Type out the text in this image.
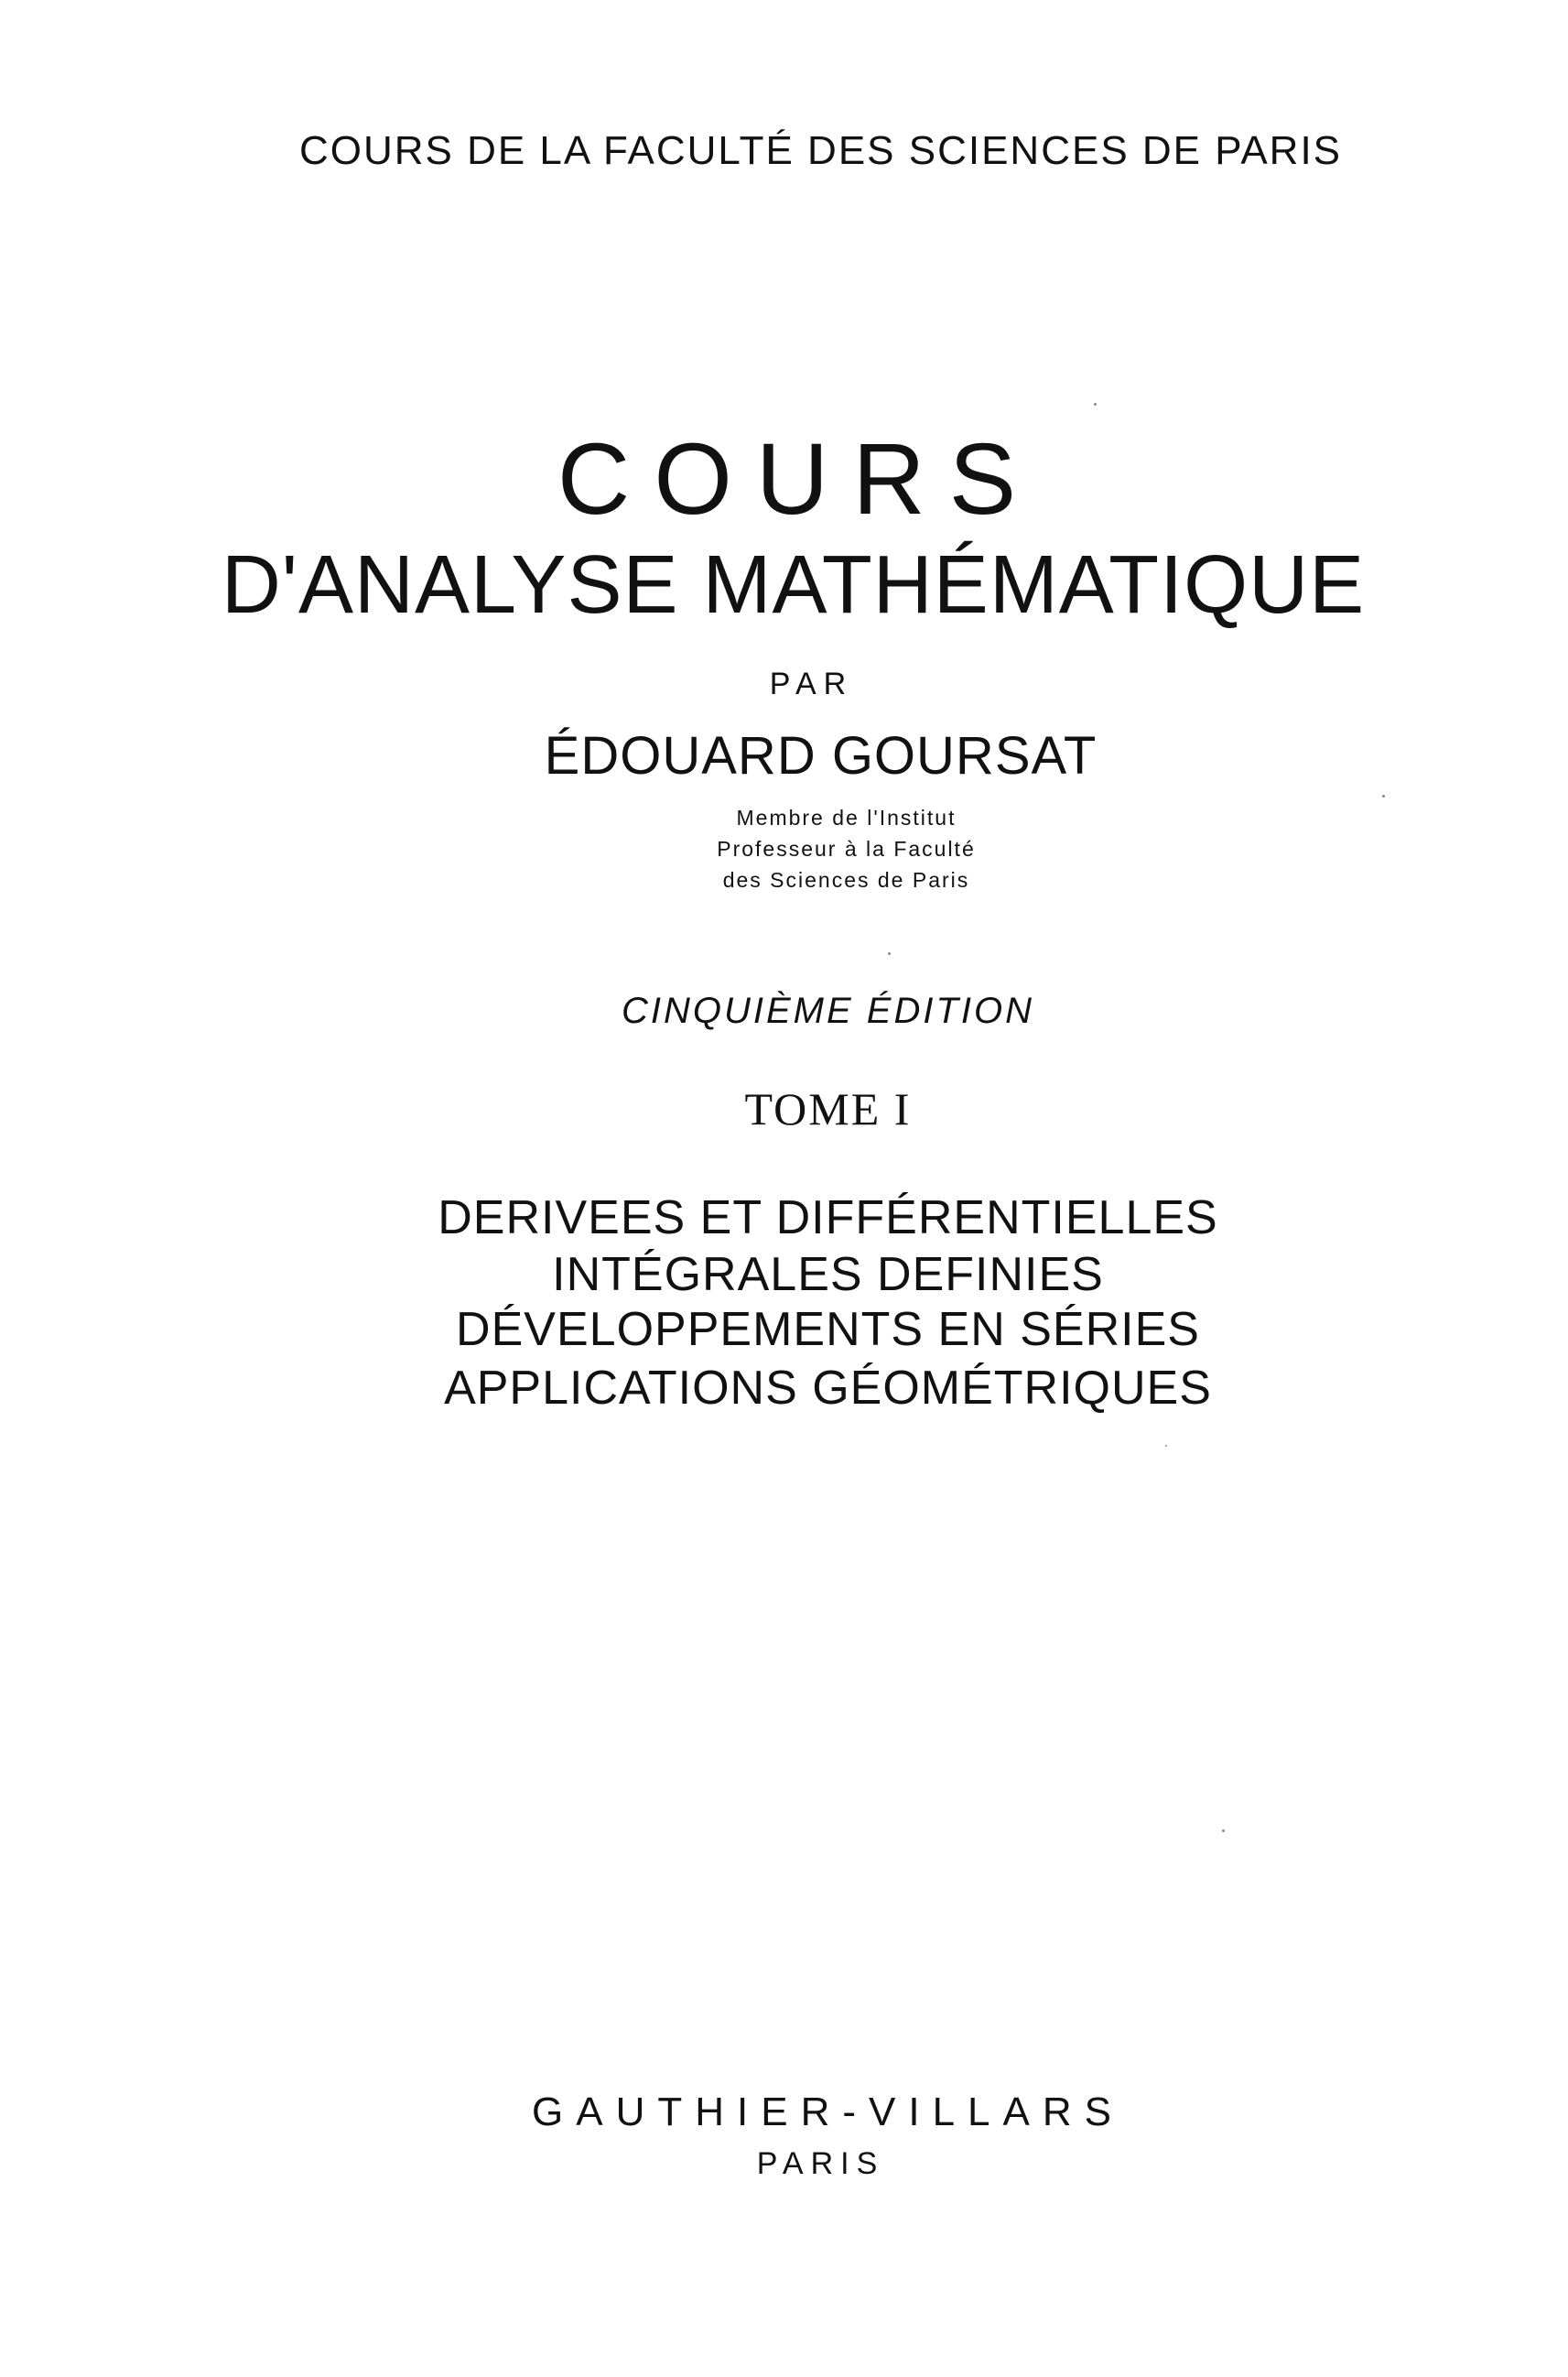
COURS DE LA FACULTÉ DES SCIENCES DE PARIS
COURS
D'ANALYSE MATHÉMATIQUE
PAR
ÉDOUARD GOURSAT
Membre de l'Institut
Professeur à la Faculté
des Sciences de Paris
CINQUIÈME ÉDITION
TOME I
DERIVEES ET DIFFÉRENTIELLES
INTÉGRALES DEFINIES
DÉVELOPPEMENTS EN SÉRIES
APPLICATIONS GÉOMÉTRIQUES
GAUTHIER-VILLARS
PARIS
